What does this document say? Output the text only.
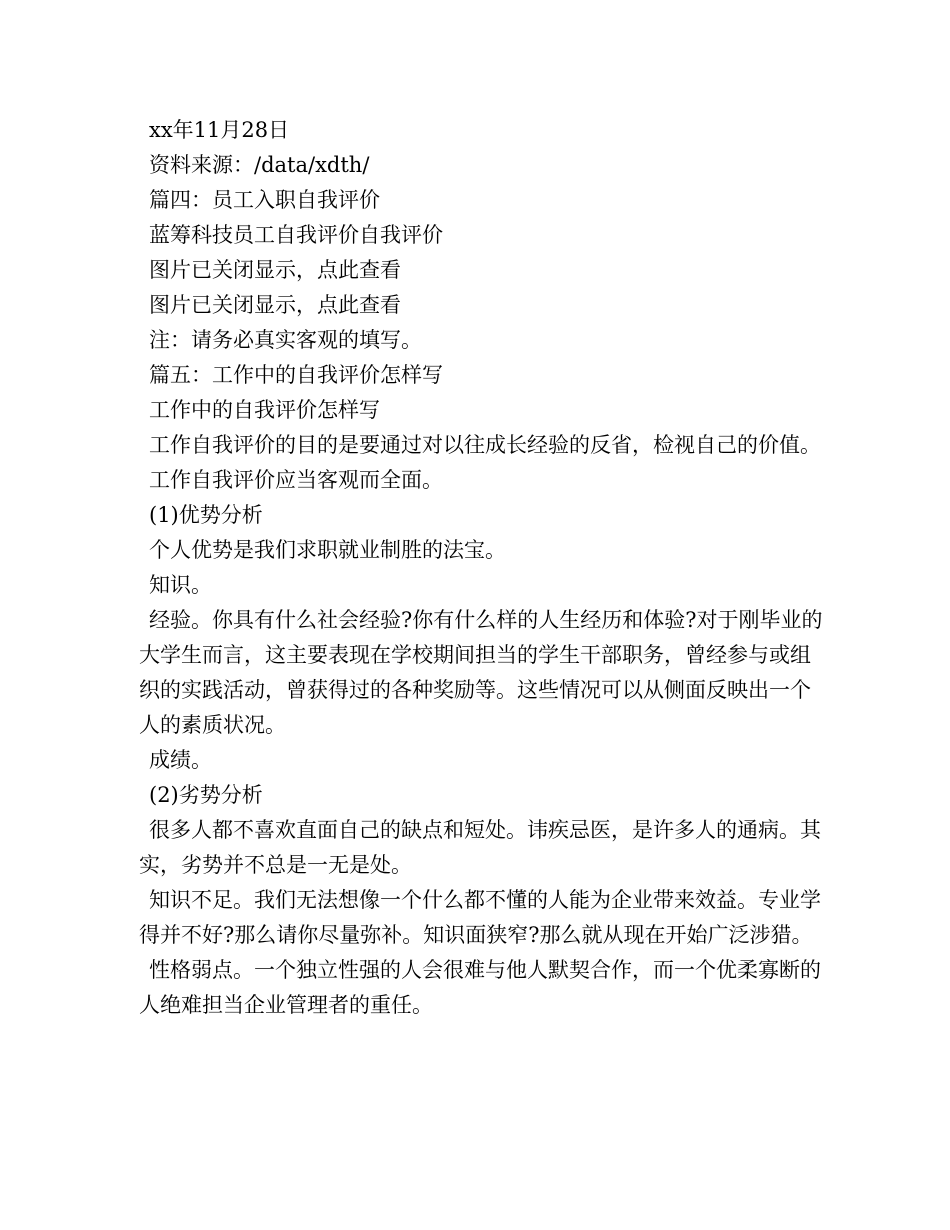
xx年11月28日

资料来源：/data/xdth/

篇四：员工入职自我评价

蓝筹科技员工自我评价自我评价

图片已关闭显示，点此查看

图片已关闭显示，点此查看

注：请务必真实客观的填写。

篇五：工作中的自我评价怎样写

工作中的自我评价怎样写

工作自我评价的目的是要通过对以往成长经验的反省，检视自己的价值。

工作自我评价应当客观而全面。

(1)优势分析

个人优势是我们求职就业制胜的法宝。

知识。

经验。你具有什么社会经验?你有什么样的人生经历和体验?对于刚毕业的大学生而言，这主要表现在学校期间担当的学生干部职务，曾经参与或组织的实践活动，曾获得过的各种奖励等。这些情况可以从侧面反映出一个人的素质状况。

成绩。

(2)劣势分析

很多人都不喜欢直面自己的缺点和短处。讳疾忌医，是许多人的通病。其实，劣势并不总是一无是处。

知识不足。我们无法想像一个什么都不懂的人能为企业带来效益。专业学得并不好?那么请你尽量弥补。知识面狭窄?那么就从现在开始广泛涉猎。

性格弱点。一个独立性强的人会很难与他人默契合作，而一个优柔寡断的人绝难担当企业管理者的重任。
